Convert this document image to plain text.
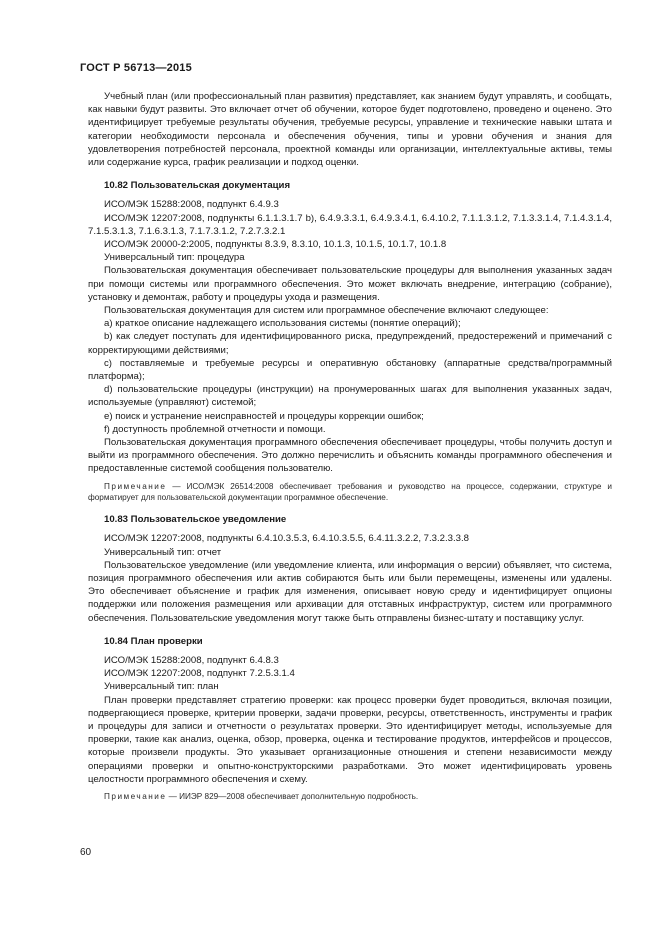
ГОСТ Р 56713—2015

Учебный план (или профессиональный план развития) представляет, как знанием будут управлять, и сообщать, как навыки будут развиты. Это включает отчет об обучении, которое будет подготовлено, проведено и оценено. Это идентифицирует требуемые результаты обучения, требуемые ресурсы, управление и технические навыки штата и категории необходимости персонала и обеспечения обучения, типы и уровни обучения и знания для удовлетворения потребностей персонала, проектной команды или организации, интеллектуальные активы, темы или содержание курса, график реализации и подход оценки.

10.82 Пользовательская документация

ИСО/МЭК 15288:2008, подпункт 6.4.9.3

ИСО/МЭК 12207:2008, подпункты 6.1.1.3.1.7 b), 6.4.9.3.3.1, 6.4.9.3.4.1, 6.4.10.2, 7.1.1.3.1.2, 7.1.3.3.1.4, 7.1.4.3.1.4, 7.1.5.3.1.3, 7.1.6.3.1.3, 7.1.7.3.1.2, 7.2.7.3.2.1

ИСО/МЭК 20000-2:2005, подпункты 8.3.9, 8.3.10, 10.1.3, 10.1.5, 10.1.7, 10.1.8

Универсальный тип: процедура

Пользовательская документация обеспечивает пользовательские процедуры для выполнения указанных задач при помощи системы или программного обеспечения. Это может включать внедрение, интеграцию (собрание), установку и демонтаж, работу и процедуры ухода и размещения.

Пользовательская документация для систем или программное обеспечение включают следующее:

a) краткое описание надлежащего использования системы (понятие операций);

b) как следует поступать для идентифицированного риска, предупреждений, предостережений и примечаний с корректирующими действиями;

c) поставляемые и требуемые ресурсы и оперативную обстановку (аппаратные средства/программный платформа);

d) пользовательские процедуры (инструкции) на пронумерованных шагах для выполнения указанных задач, используемые (управляют) системой;

e) поиск и устранение неисправностей и процедуры коррекции ошибок;

f) доступность проблемной отчетности и помощи.

Пользовательская документация программного обеспечения обеспечивает процедуры, чтобы получить доступ и выйти из программного обеспечения. Это должно перечислить и объяснить команды программного обеспечения и предоставленные системой сообщения пользователю.

Примечание — ИСО/МЭК 26514:2008 обеспечивает требования и руководство на процессе, содержании, структуре и форматирует для пользовательской документации программное обеспечение.

10.83 Пользовательское уведомление

ИСО/МЭК 12207:2008, подпункты 6.4.10.3.5.3, 6.4.10.3.5.5, 6.4.11.3.2.2, 7.3.2.3.3.8

Универсальный тип: отчет

Пользовательское уведомление (или уведомление клиента, или информация о версии) объявляет, что система, позиция программного обеспечения или актив собираются быть или были перемещены, изменены или удалены. Это обеспечивает объяснение и график для изменения, описывает новую среду и идентифицирует опционы поддержки или положения размещения или архивации для отставных инфраструктур, систем или программного обеспечения. Пользовательские уведомления могут также быть отправлены бизнес-штату и поставщику услуг.

10.84 План проверки

ИСО/МЭК 15288:2008, подпункт 6.4.8.3

ИСО/МЭК 12207:2008, подпункт 7.2.5.3.1.4

Универсальный тип: план

План проверки представляет стратегию проверки: как процесс проверки будет проводиться, включая позиции, подвергающиеся проверке, критерии проверки, задачи проверки, ресурсы, ответственность, инструменты и график и процедуры для записи и отчетности о результатах проверки. Это идентифицирует методы, используемые для проверки, такие как анализ, оценка, обзор, проверка, оценка и тестирование продуктов, интерфейсов и процессов, которые произвели продукты. Это указывает организационные отношения и степени независимости между операциями проверки и опытно-конструкторскими разработками. Это может идентифицировать уровень целостности программного обеспечения и схему.

Примечание — ИИЭР 829—2008 обеспечивает дополнительную подробность.

60
